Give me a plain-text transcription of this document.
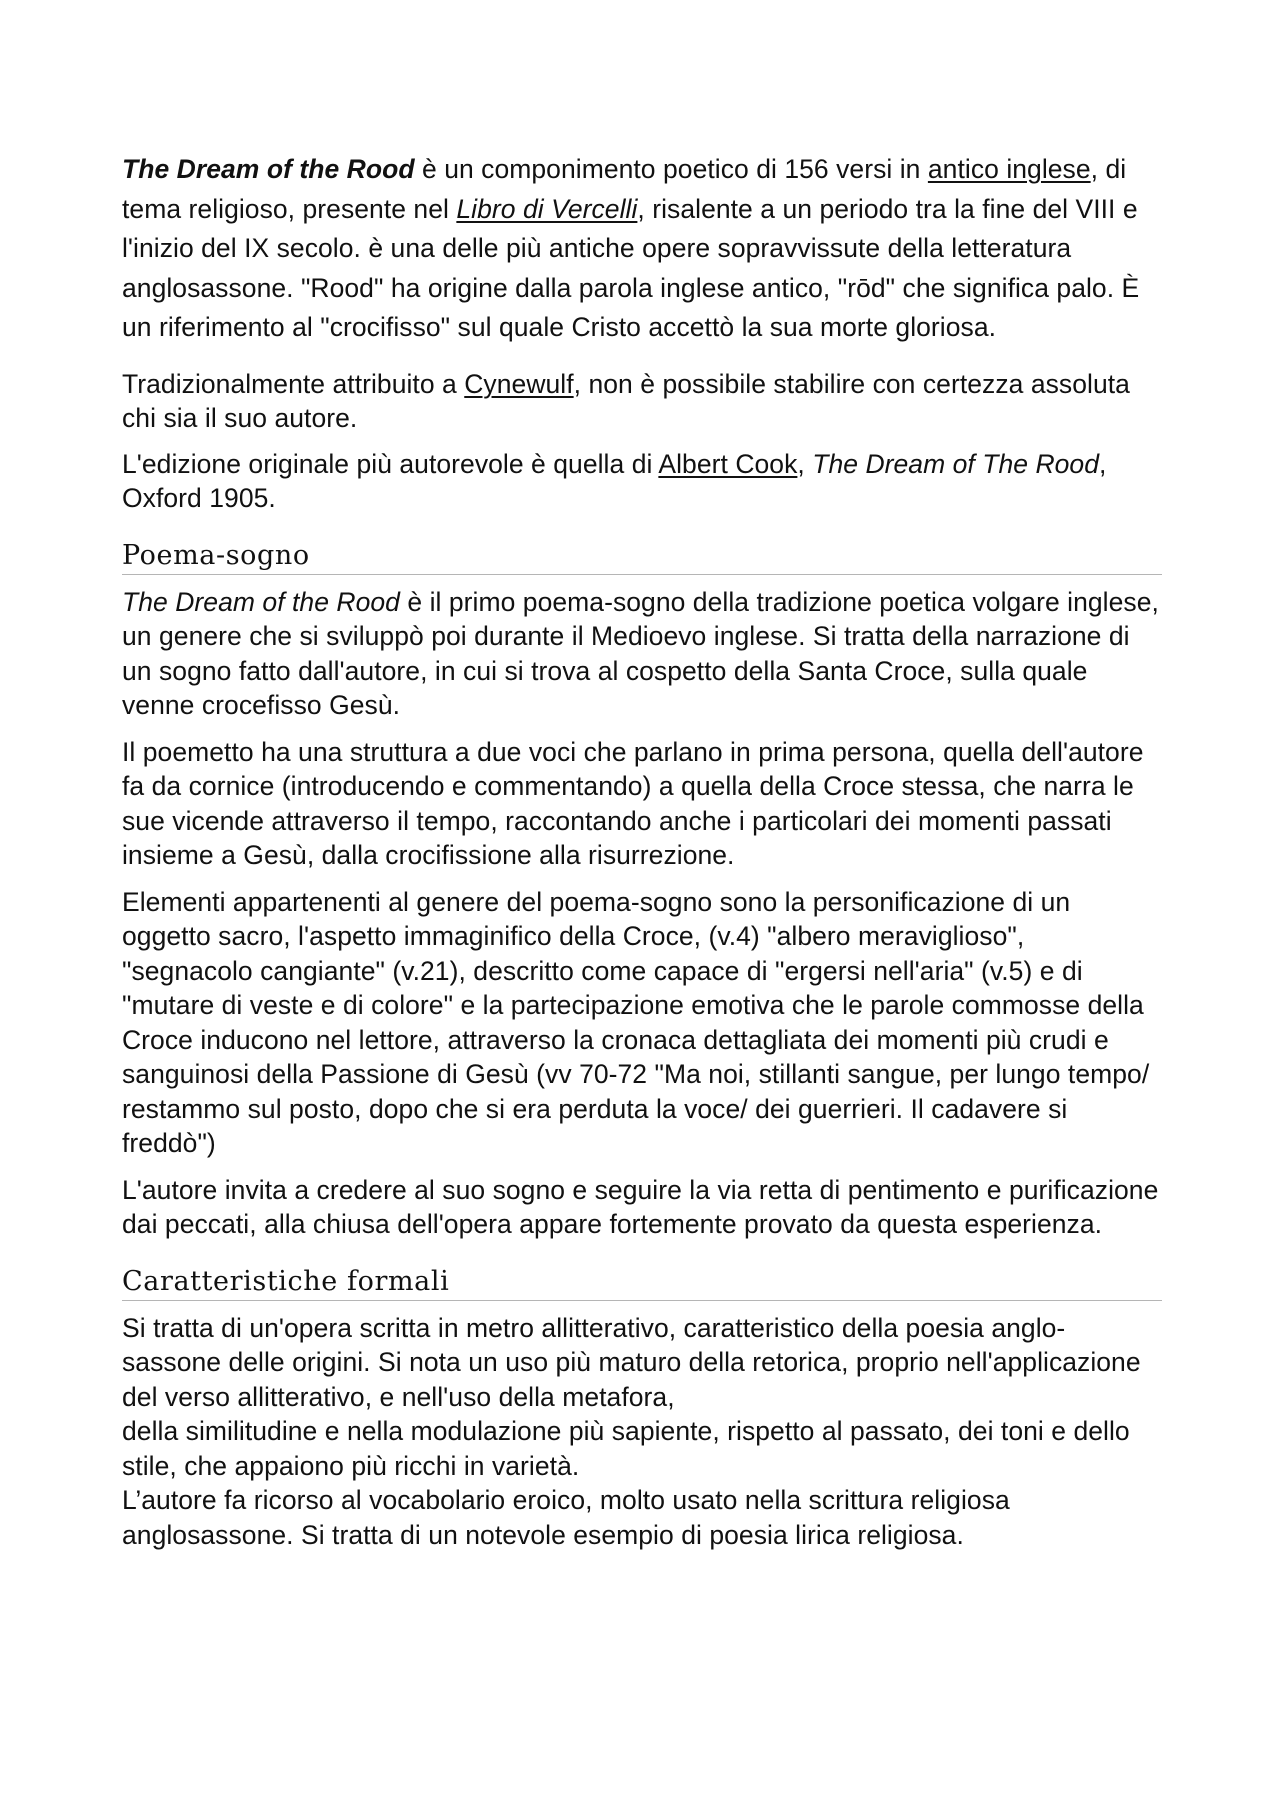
The Dream of the Rood è un componimento poetico di 156 versi in antico inglese, di tema religioso, presente nel Libro di Vercelli, risalente a un periodo tra la fine del VIII e l'inizio del IX secolo. è una delle più antiche opere sopravvissute della letteratura anglosassone. "Rood" ha origine dalla parola inglese antico, "rōd" che significa palo. È un riferimento al "crocifisso" sul quale Cristo accettò la sua morte gloriosa.

Tradizionalmente attribuito a Cynewulf, non è possibile stabilire con certezza assoluta chi sia il suo autore.

L'edizione originale più autorevole è quella di Albert Cook, The Dream of The Rood, Oxford 1905.

Poema-sogno

The Dream of the Rood è il primo poema-sogno della tradizione poetica volgare inglese, un genere che si sviluppò poi durante il Medioevo inglese. Si tratta della narrazione di un sogno fatto dall'autore, in cui si trova al cospetto della Santa Croce, sulla quale venne crocefisso Gesù.

Il poemetto ha una struttura a due voci che parlano in prima persona, quella dell'autore fa da cornice (introducendo e commentando) a quella della Croce stessa, che narra le sue vicende attraverso il tempo, raccontando anche i particolari dei momenti passati insieme a Gesù, dalla crocifissione alla risurrezione.

Elementi appartenenti al genere del poema-sogno sono la personificazione di un oggetto sacro, l'aspetto immaginifico della Croce, (v.4) "albero meraviglioso", "segnacolo cangiante" (v.21), descritto come capace di "ergersi nell'aria" (v.5) e di "mutare di veste e di colore" e la partecipazione emotiva che le parole commosse della Croce inducono nel lettore, attraverso la cronaca dettagliata dei momenti più crudi e sanguinosi della Passione di Gesù (vv 70-72 "Ma noi, stillanti sangue, per lungo tempo/ restammo sul posto, dopo che si era perduta la voce/ dei guerrieri. Il cadavere si freddò")

L'autore invita a credere al suo sogno e seguire la via retta di pentimento e purificazione dai peccati, alla chiusa dell'opera appare fortemente provato da questa esperienza.

Caratteristiche formali

Si tratta di un'opera scritta in metro allitterativo, caratteristico della poesia anglo-sassone delle origini. Si nota un uso più maturo della retorica, proprio nell'applicazione del verso allitterativo, e nell'uso della metafora,

della similitudine e nella modulazione più sapiente, rispetto al passato, dei toni e dello stile, che appaiono più ricchi in varietà.

L’autore fa ricorso al vocabolario eroico, molto usato nella scrittura religiosa anglosassone. Si tratta di un notevole esempio di poesia lirica religiosa.
